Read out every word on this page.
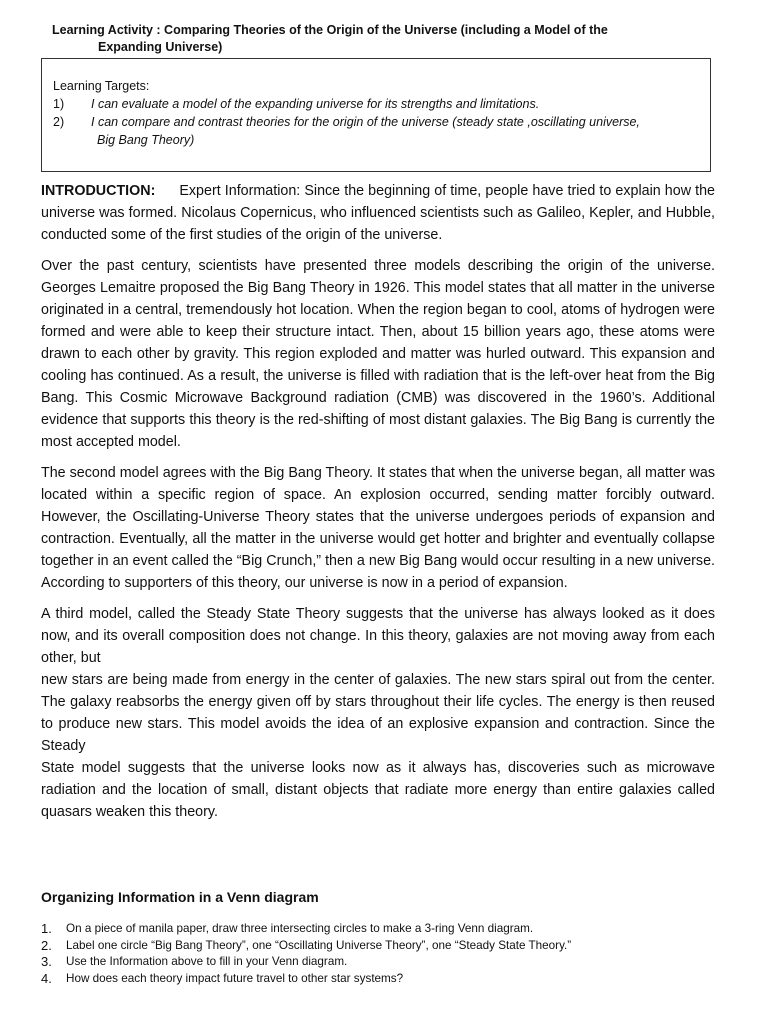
Learning Activity : Comparing Theories of the Origin of the Universe (including a Model of the
Expanding Universe)
Learning Targets:
1) I can evaluate a model of the expanding universe for its strengths and limitations.
2) I can compare and contrast theories for the origin of the universe (steady state ,oscillating universe,
Big Bang Theory)

INTRODUCTION: Expert Information: Since the beginning of time, people have tried to explain how the universe was formed. Nicolaus Copernicus, who influenced scientists such as Galileo, Kepler, and Hubble, conducted some of the first studies of the origin of the universe.

Over the past century, scientists have presented three models describing the origin of the universe. Georges Lemaitre proposed the Big Bang Theory in 1926. This model states that all matter in the universe originated in a central, tremendously hot location. When the region began to cool, atoms of hydrogen were formed and were able to keep their structure intact. Then, about 15 billion years ago, these atoms were drawn to each other by gravity. This region exploded and matter was hurled outward. This expansion and cooling has continued. As a result, the universe is filled with radiation that is the left-over heat from the Big Bang. This Cosmic Microwave Background radiation (CMB) was discovered in the 1960’s. Additional evidence that supports this theory is the red-shifting of most distant galaxies. The Big Bang is currently the most accepted model.

The second model agrees with the Big Bang Theory. It states that when the universe began, all matter was located within a specific region of space. An explosion occurred, sending matter forcibly outward. However, the Oscillating-Universe Theory states that the universe undergoes periods of expansion and contraction. Eventually, all the matter in the universe would get hotter and brighter and eventually collapse together in an event called the “Big Crunch,” then a new Big Bang would occur resulting in a new universe. According to supporters of this theory, our universe is now in a period of expansion.

A third model, called the Steady State Theory suggests that the universe has always looked as it does now, and its overall composition does not change. In this theory, galaxies are not moving away from each other, but

new stars are being made from energy in the center of galaxies. The new stars spiral out from the center. The galaxy reabsorbs the energy given off by stars throughout their life cycles. The energy is then reused to produce new stars. This model avoids the idea of an explosive expansion and contraction. Since the Steady

State model suggests that the universe looks now as it always has, discoveries such as microwave radiation and the location of small, distant objects that radiate more energy than entire galaxies called quasars weaken this theory.

Organizing Information in a Venn diagram
1. On a piece of manila paper, draw three intersecting circles to make a 3-ring Venn diagram.
2. Label one circle “Big Bang Theory”, one “Oscillating Universe Theory”, one “Steady State Theory.”
3. Use the Information above to fill in your Venn diagram.
4. How does each theory impact future travel to other star systems?
